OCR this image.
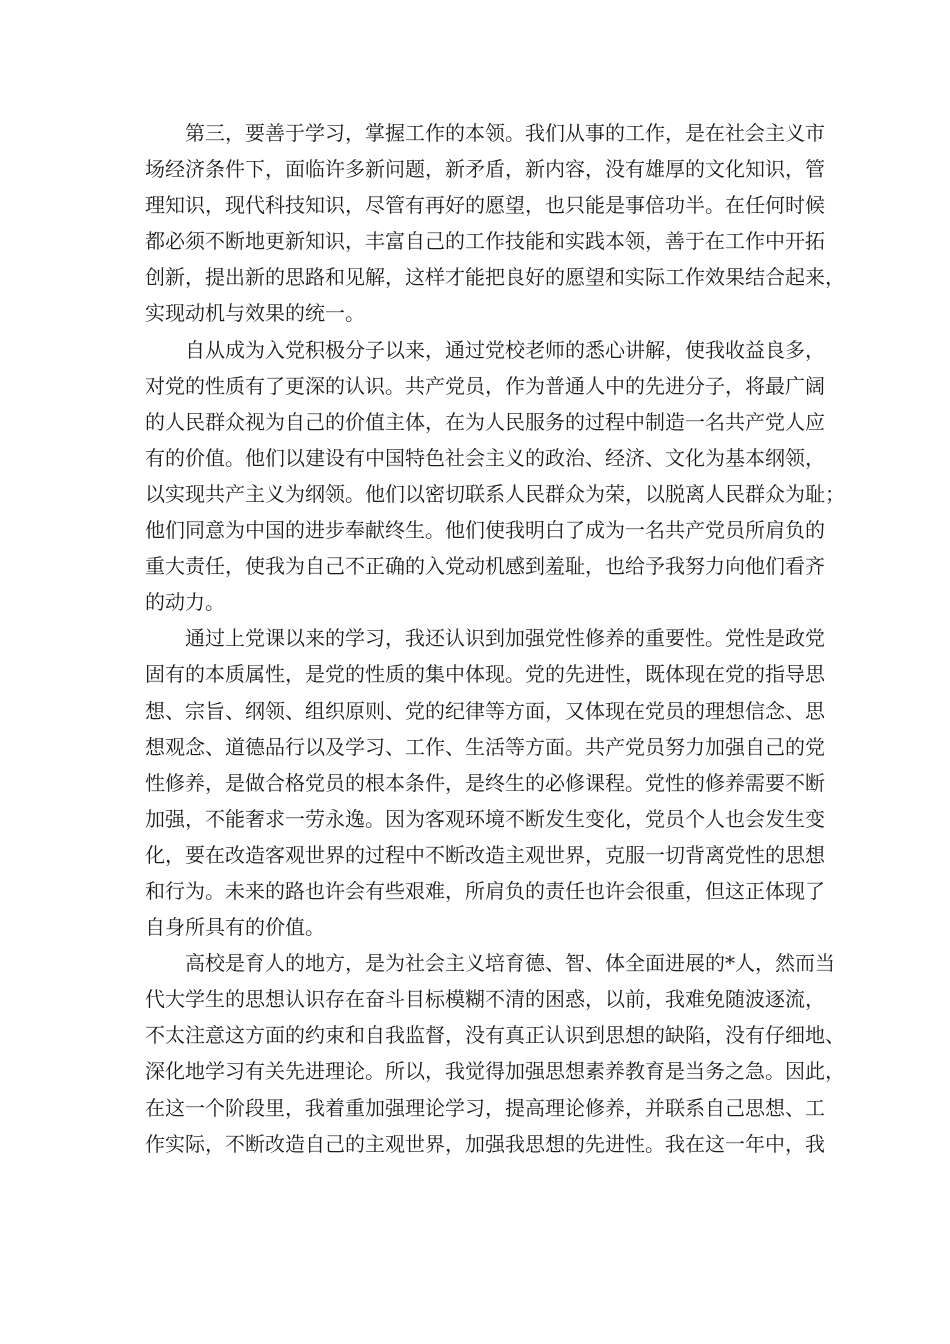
第三，要善于学习，掌握工作的本领。我们从事的工作，是在社会主义市
场经济条件下，面临许多新问题，新矛盾，新内容，没有雄厚的文化知识，管
理知识，现代科技知识，尽管有再好的愿望，也只能是事倍功半。在任何时候
都必须不断地更新知识，丰富自己的工作技能和实践本领，善于在工作中开拓
创新，提出新的思路和见解，这样才能把良好的愿望和实际工作效果结合起来，
实现动机与效果的统一。
自从成为入党积极分子以来，通过党校老师的悉心讲解，使我收益良多，
对党的性质有了更深的认识。共产党员，作为普通人中的先进分子，将最广阔
的人民群众视为自己的价值主体，在为人民服务的过程中制造一名共产党人应
有的价值。他们以建设有中国特色社会主义的政治、经济、文化为基本纲领，
以实现共产主义为纲领。他们以密切联系人民群众为荣，以脱离人民群众为耻；
他们同意为中国的进步奉献终生。他们使我明白了成为一名共产党员所肩负的
重大责任，使我为自己不正确的入党动机感到羞耻，也给予我努力向他们看齐
的动力。
通过上党课以来的学习，我还认识到加强党性修养的重要性。党性是政党
固有的本质属性，是党的性质的集中体现。党的先进性，既体现在党的指导思
想、宗旨、纲领、组织原则、党的纪律等方面，又体现在党员的理想信念、思
想观念、道德品行以及学习、工作、生活等方面。共产党员努力加强自己的党
性修养，是做合格党员的根本条件，是终生的必修课程。党性的修养需要不断
加强，不能奢求一劳永逸。因为客观环境不断发生变化，党员个人也会发生变
化，要在改造客观世界的过程中不断改造主观世界，克服一切背离党性的思想
和行为。未来的路也许会有些艰难，所肩负的责任也许会很重，但这正体现了
自身所具有的价值。
高校是育人的地方，是为社会主义培育德、智、体全面进展的*人，然而当
代大学生的思想认识存在奋斗目标模糊不清的困惑，以前，我难免随波逐流，
不太注意这方面的约束和自我监督，没有真正认识到思想的缺陷，没有仔细地、
深化地学习有关先进理论。所以，我觉得加强思想素养教育是当务之急。因此，
在这一个阶段里，我着重加强理论学习，提高理论修养，并联系自己思想、工
作实际，不断改造自己的主观世界，加强我思想的先进性。我在这一年中，我
